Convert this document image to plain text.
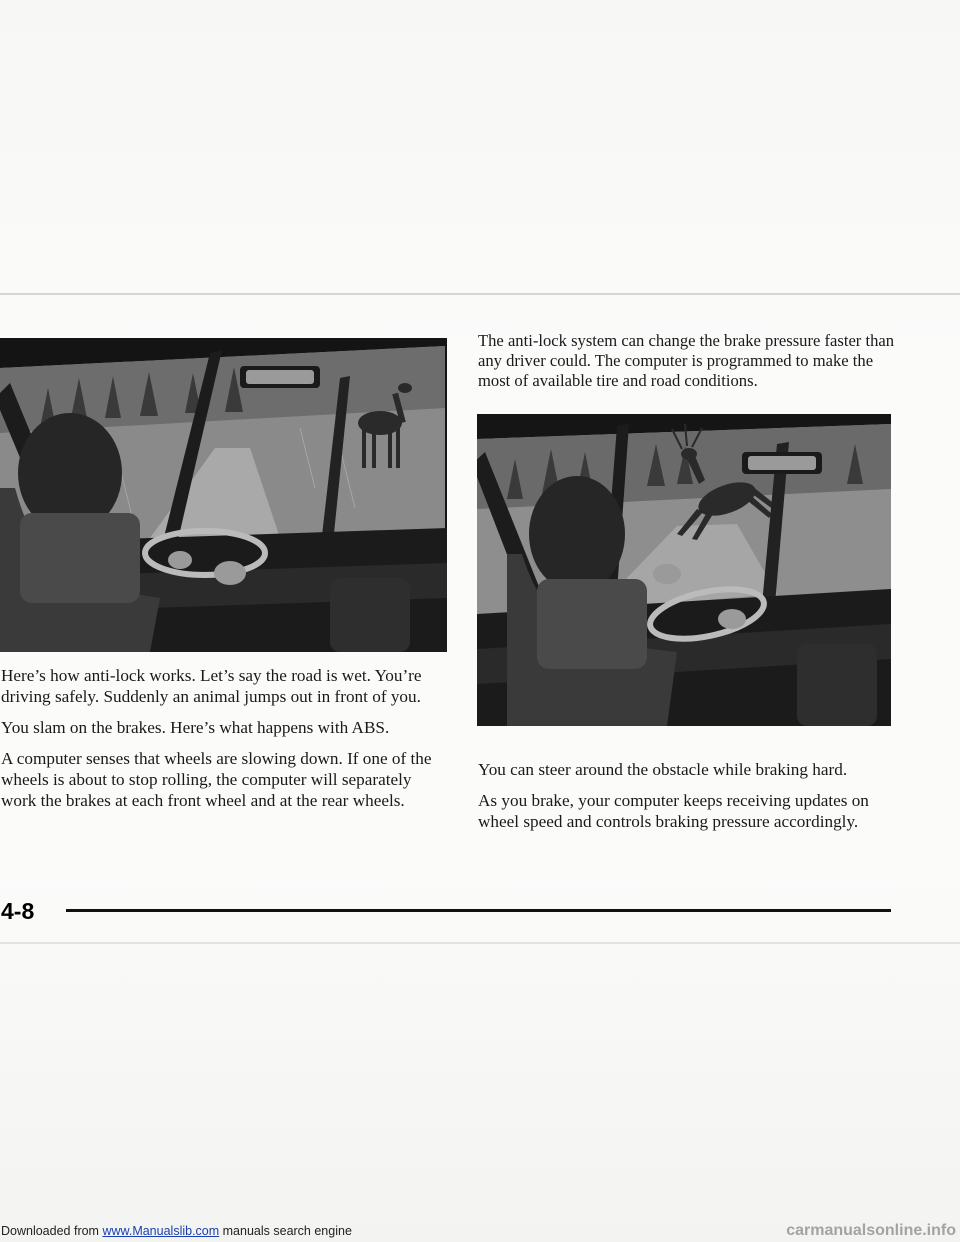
Here’s how anti-lock works. Let’s say the road is wet. You’re driving safely. Suddenly an animal jumps out in front of you.

You slam on the brakes. Here’s what happens with ABS.

A computer senses that wheels are slowing down. If one of the wheels is about to stop rolling, the computer will separately work the brakes at each front wheel and at the rear wheels.

The anti-lock system can change the brake pressure faster than any driver could. The computer is programmed to make the most of available tire and road conditions.

You can steer around the obstacle while braking hard.

As you brake, your computer keeps receiving updates on wheel speed and controls braking pressure accordingly.

4-8
Downloaded from www.Manualslib.com manuals search engine	carmanualsonline.info
